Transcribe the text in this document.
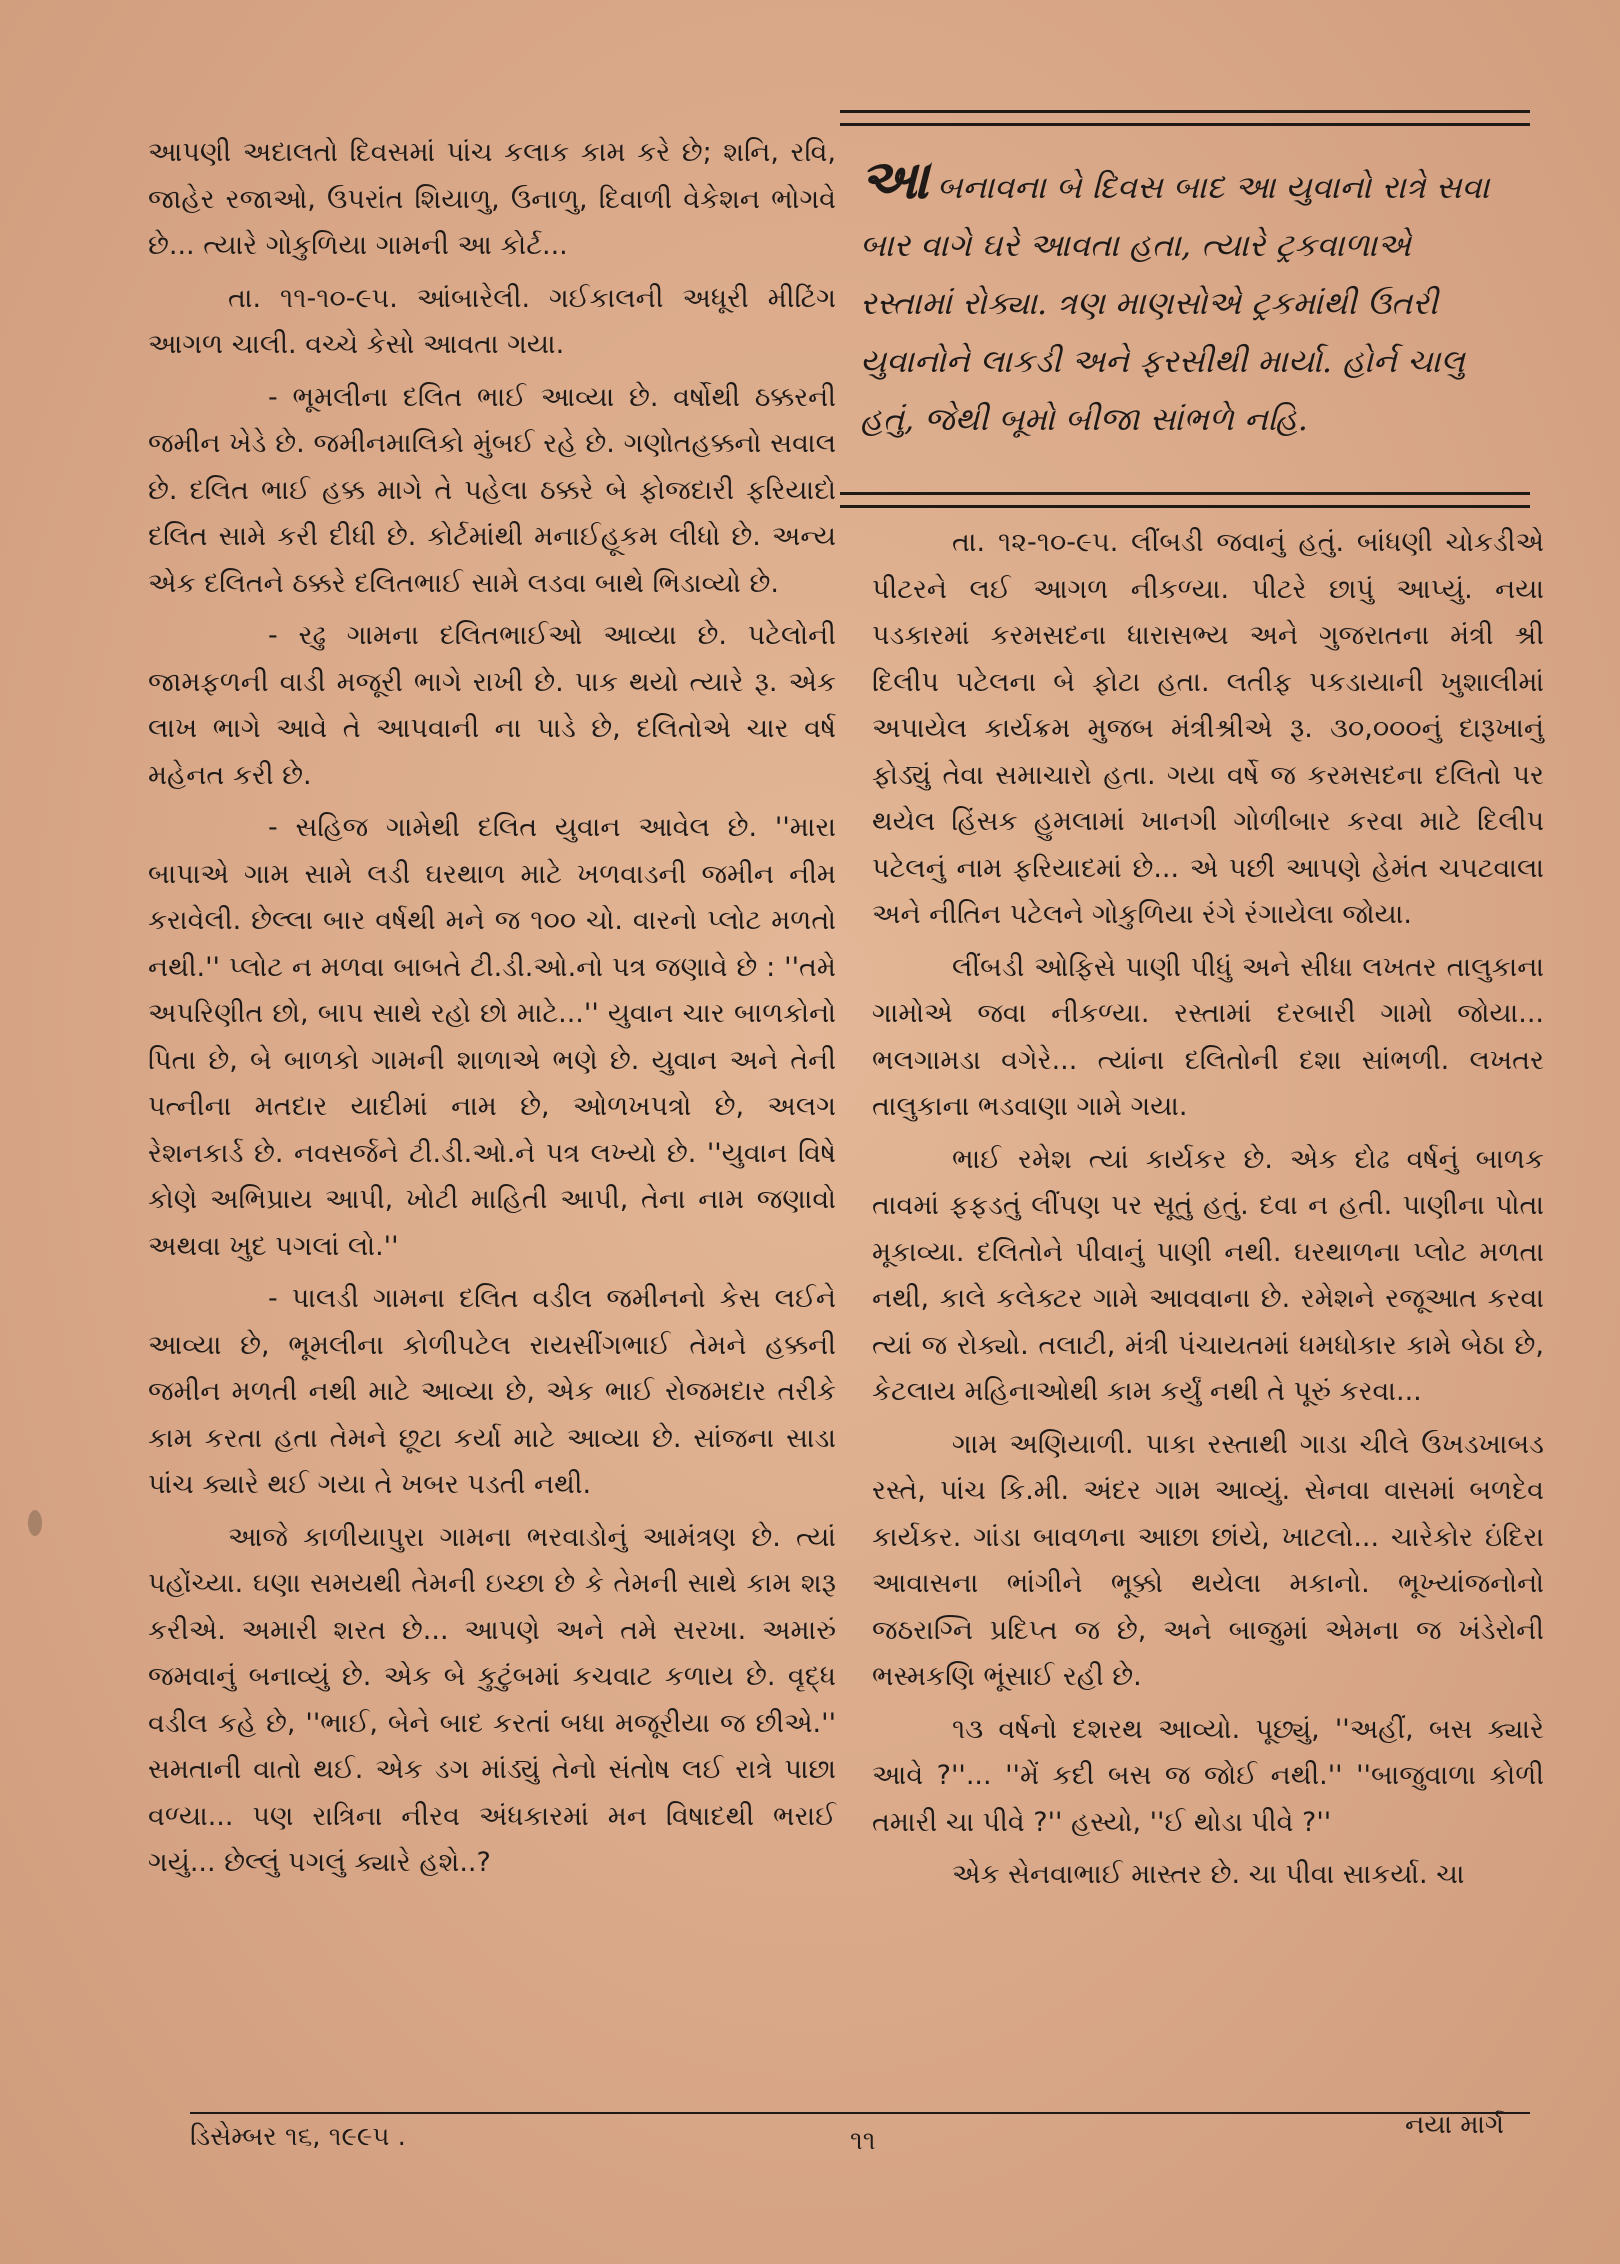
આપણી અદાલતો દિવસમાં પાંચ કલાક કામ કરે છે; શનિ, રવિ, જાહેર રજાઓ, ઉપરાંત શિયાળુ, ઉનાળુ, દિવાળી વેકેશન ભોગવે છે... ત્યારે ગોકુળિયા ગામની આ કોર્ટ...

તા. ૧૧-૧૦-૯૫. આંબારેલી. ગઈકાલની અધૂરી મીટિંગ આગળ ચાલી. વચ્ચે કેસો આવતા ગયા.

- ભૂમલીના દલિત ભાઈ આવ્યા છે. વર્ષોથી ઠક્કરની જમીન ખેડે છે. જમીનમાલિકો મુંબઈ રહે છે. ગણોતહક્કનો સવાલ છે. દલિત ભાઈ હક્ક માગે તે પહેલા ઠક્કરે બે ફોજદારી ફરિયાદો દલિત સામે કરી દીધી છે. કોર્ટમાંથી મનાઈહૂકમ લીધો છે. અન્ય એક દલિતને ઠક્કરે દલિતભાઈ સામે લડવા બાથે ભિડાવ્યો છે.

- રઢુ ગામના દલિતભાઈઓ આવ્યા છે. પટેલોની જામફળની વાડી મજૂરી ભાગે રાખી છે. પાક થયો ત્યારે રૂ. એક લાખ ભાગે આવે તે આપવાની ના પાડે છે, દલિતોએ ચાર વર્ષ મહેનત કરી છે.

- સહિજ ગામેથી દલિત યુવાન આવેલ છે. ''મારા બાપાએ ગામ સામે લડી ઘરથાળ માટે ખળવાડની જમીન નીમ કરાવેલી. છેલ્લા બાર વર્ષથી મને જ ૧૦૦ ચો. વારનો પ્લોટ મળતો નથી.'' પ્લોટ ન મળવા બાબતે ટી.ડી.ઓ.નો પત્ર જણાવે છે : ''તમે અપરિણીત છો, બાપ સાથે રહો છો માટે...'' યુવાન ચાર બાળકોનો પિતા છે, બે બાળકો ગામની શાળાએ ભણે છે. યુવાન અને તેની પત્નીના મતદાર યાદીમાં નામ છે, ઓળખપત્રો છે, અલગ રેશનકાર્ડ છે. નવસર્જને ટી.ડી.ઓ.ને પત્ર લખ્યો છે. ''યુવાન વિષે કોણે અભિપ્રાય આપી, ખોટી માહિતી આપી, તેના નામ જણાવો અથવા ખુદ પગલાં લો.''

- પાલડી ગામના દલિત વડીલ જમીનનો કેસ લઈને આવ્યા છે, ભૂમલીના કોળીપટેલ રાયસીંગભાઈ તેમને હક્કની જમીન મળતી નથી માટે આવ્યા છે, એક ભાઈ રોજમદાર તરીકે કામ કરતા હતા તેમને છૂટા કર્યા માટે આવ્યા છે. સાંજના સાડા પાંચ ક્યારે થઈ ગયા તે ખબર પડતી નથી.

આજે કાળીયાપુરા ગામના ભરવાડોનું આમંત્રણ છે. ત્યાં પહોંચ્યા. ઘણા સમયથી તેમની ઇચ્છા છે કે તેમની સાથે કામ શરૂ કરીએ. અમારી શરત છે... આપણે અને તમે સરખા. અમારું જમવાનું બનાવ્યું છે. એક બે કુટુંબમાં કચવાટ કળાય છે. વૃદ્ધ વડીલ કહે છે, ''ભાઈ, બેને બાદ કરતાં બધા મજૂરીયા જ છીએ.'' સમતાની વાતો થઈ. એક ડગ માંડ્યું તેનો સંતોષ લઈ રાત્રે પાછા વળ્યા... પણ રાત્રિના નીરવ અંધકારમાં મન વિષાદથી ભરાઈ ગયું... છેલ્લું પગલું ક્યારે હશે..?

આબનાવના બે દિવસ બાદ આ યુવાનો રાત્રે સવા બાર વાગે ઘરે આવતા હતા, ત્યારે ટ્રકવાળાએ રસ્તામાં રોક્યા. ત્રણ માણસોએ ટ્રકમાંથી ઉતરી યુવાનોને લાકડી અને ફરસીથી માર્યા. હોર્ન ચાલુ હતું, જેથી બૂમો બીજા સાંભળે નહિ.

તા. ૧૨-૧૦-૯૫. લીંબડી જવાનું હતું. બાંધણી ચોકડીએ પીટરને લઈ આગળ નીકળ્યા. પીટરે છાપું આપ્યું. નયા પડકારમાં કરમસદના ધારાસભ્ય અને ગુજરાતના મંત્રી શ્રી દિલીપ પટેલના બે ફોટા હતા. લતીફ પકડાયાની ખુશાલીમાં અપાયેલ કાર્યક્રમ મુજબ મંત્રીશ્રીએ રૂ. ૩૦,૦૦૦નું દારૂખાનું ફોડ્યું તેવા સમાચારો હતા. ગયા વર્ષે જ કરમસદના દલિતો પર થયેલ હિંસક હુમલામાં ખાનગી ગોળીબાર કરવા માટે દિલીપ પટેલનું નામ ફરિયાદમાં છે... એ પછી આપણે હેમંત ચપટવાલા અને નીતિન પટેલને ગોકુળિયા રંગે રંગાયેલા જોયા.

લીંબડી ઓફિસે પાણી પીધું અને સીધા લખતર તાલુકાના ગામોએ જવા નીકળ્યા. રસ્તામાં દરબારી ગામો જોયા... ભલગામડા વગેરે... ત્યાંના દલિતોની દશા સાંભળી. લખતર તાલુકાના ભડવાણા ગામે ગયા.

ભાઈ રમેશ ત્યાં કાર્યકર છે. એક દોઢ વર્ષનું બાળક તાવમાં ફફડતું લીંપણ પર સૂતું હતું. દવા ન હતી. પાણીના પોતા મૂકાવ્યા. દલિતોને પીવાનું પાણી નથી. ઘરથાળના પ્લોટ મળતા નથી, કાલે કલેક્ટર ગામે આવવાના છે. રમેશને રજૂઆત કરવા ત્યાં જ રોક્યો. તલાટી, મંત્રી પંચાયતમાં ધમધોકાર કામે બેઠા છે, કેટલાય મહિનાઓથી કામ કર્યું નથી તે પૂરું કરવા...

ગામ અણિયાળી. પાકા રસ્તાથી ગાડા ચીલે ઉખડખાબડ રસ્તે, પાંચ કિ.મી. અંદર ગામ આવ્યું. સેનવા વાસમાં બળદેવ કાર્યકર. ગાંડા બાવળના આછા છાંયે, ખાટલો... ચારેકોર ઇંદિરા આવાસના ભાંગીને ભૂક્કો થયેલા મકાનો. ભૂખ્યાંજનોનો જઠરાગ્નિ પ્રદિપ્ત જ છે, અને બાજુમાં એમના જ ખંડેરોની ભસ્મકણિ ભૂંસાઈ રહી છે.

૧૩ વર્ષનો દશરથ આવ્યો. પૂછ્યું, ''અહીં, બસ ક્યારે આવે ?''... ''મેં કદી બસ જ જોઈ નથી.'' ''બાજુવાળા કોળી તમારી ચા પીવે ?'' હસ્યો, ''ઈ થોડા પીવે ?''

એક સેનવાભાઈ માસ્તર છે. ચા પીવા સાકર્યા. ચા

ડિસેમ્બર ૧૬, ૧૯૯૫ .	૧૧
નયા માર્ગ
